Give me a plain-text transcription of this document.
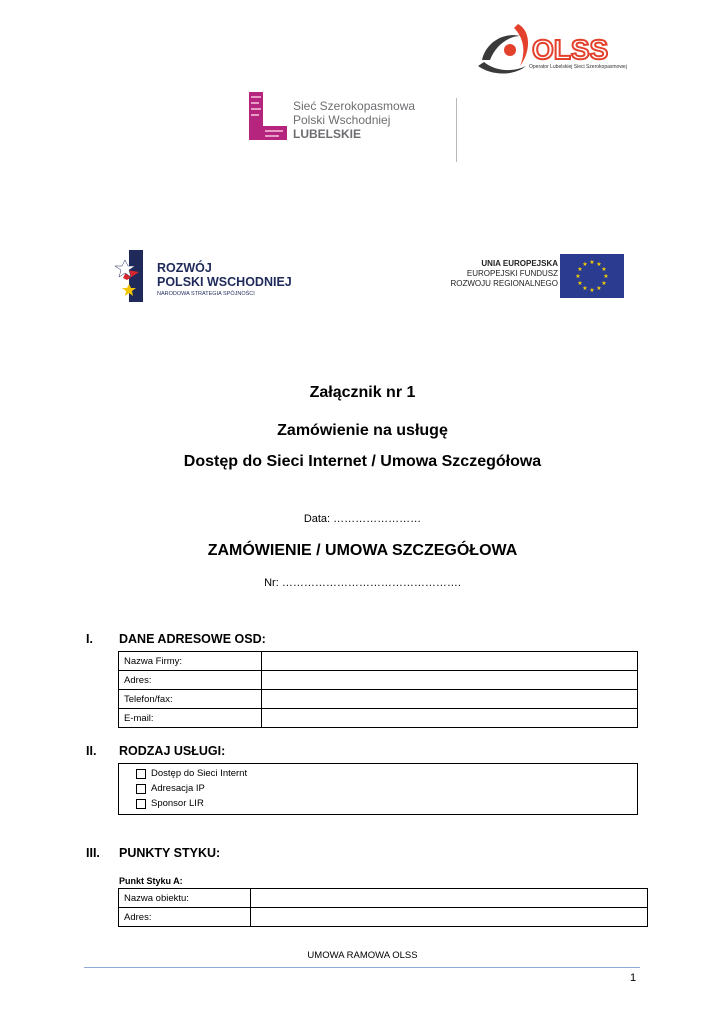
OLSS
Operator Lubelskiej Sieci Szerokopasmowej
Sieć Szerokopasmowa
Polski Wschodniej
LUBELSKIE
ROZWÓJ
POLSKI WSCHODNIEJ
NARODOWA STRATEGIA SPÓJNOŚCI
UNIA EUROPEJSKA
EUROPEJSKI FUNDUSZ
ROZWOJU REGIONALNEGO
★ ★
★
★
★
★
★
★
★
★
★
★
Załącznik nr 1
Zamówienie na usługę
Dostęp do Sieci Internet / Umowa Szczegółowa
Data: ……………………
ZAMÓWIENIE / UMOWA SZCZEGÓŁOWA
Nr: ………………………………………….
I. DANE ADRESOWE OSD:
Nazwa Firmy:	
Adres:	
Telefon/fax:	
E-mail:	
II. RODZAJ USŁUGI:
Dostęp do Sieci Internt
Adresacja IP
Sponsor LIR
III. PUNKTY STYKU:
Punkt Styku A:
Nazwa obiektu:	
Adres:	
UMOWA RAMOWA OLSS
1
